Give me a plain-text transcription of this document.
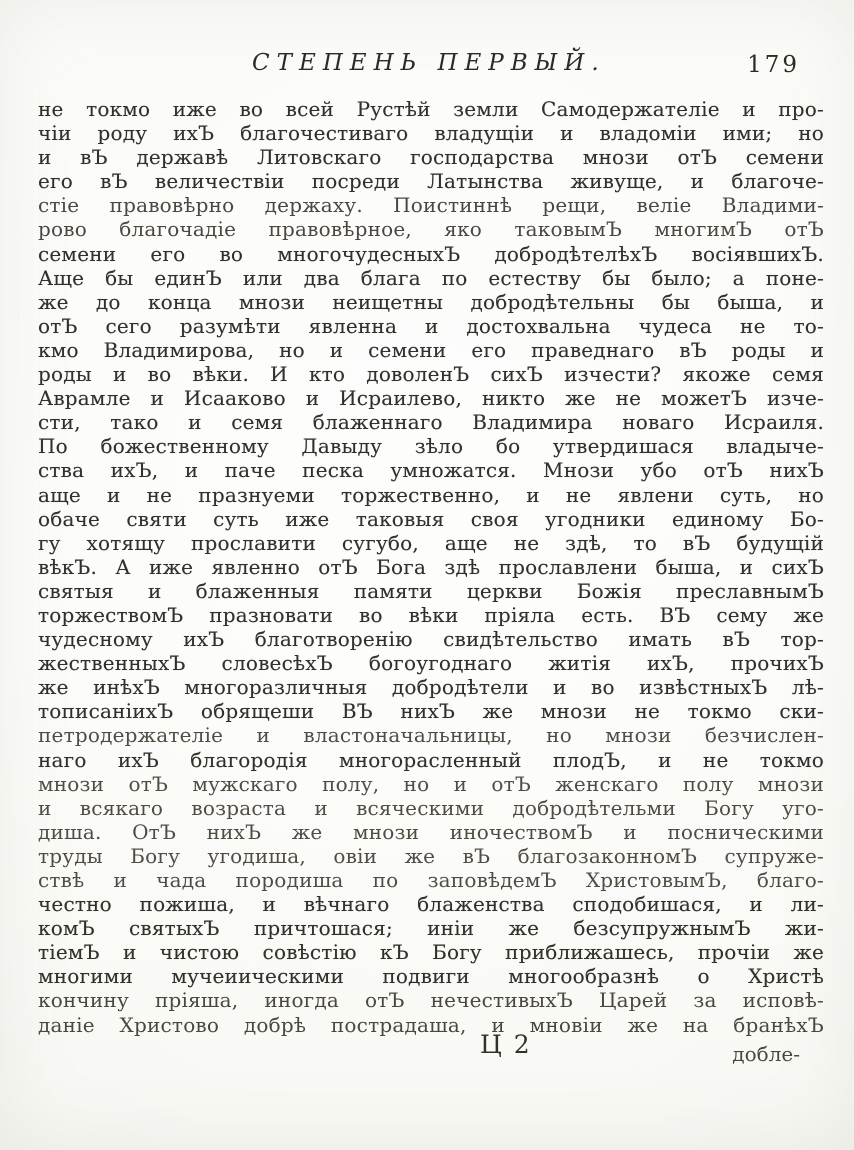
СТЕПЕНЬ ПЕРВЫЙ.	179
не токмо иже во всей Рустѣй земли Самодержателіе и про-
чіи роду ихЪ благочестиваго владущіи и владоміи ими; но
и вЪ державѣ Литовскаго господарства мнози отЪ семени
его вЪ величествіи посреди Латынства живуще, и благоче-
стіе правовѣрно держаху. Поистиннѣ рещи, веліе Владими-
рово благочадіе правовѣрное, яко таковымЪ многимЪ отЪ
семени его во многочудесныхЪ добродѣтелѣхЪ восіявшихЪ.
Аще бы единЪ или два блага по естеству бы было; а поне-
же до конца мнози неищетны добродѣтельны бы быша, и
отЪ сего разумѣти явленна и достохвальна чудеса не то-
кмо Владимирова, но и семени его праведнаго вЪ роды и
роды и во вѣки. И кто доволенЪ сихЪ изчести? якоже семя
Аврамле и Исааково и Исраилево, никто же не можетЪ изче-
сти, тако и семя блаженнаго Владимира новаго Исраиля.
По божественному Давыду зѣло бо утвердишася владыче-
ства ихЪ, и паче песка умножатся. Мнози убо отЪ нихЪ
аще и не празнуеми торжественно, и не явлени суть, но
обаче святи суть иже таковыя своя угодники единому Бо-
гу хотящу прославити сугубо, аще не здѣ, то вЪ будущій
вѣкЪ. А иже явленно отЪ Бога здѣ прославлени быша, и сихЪ
святыя и блаженныя памяти церкви Божія преславнымЪ
торжествомЪ празновати во вѣки пріяла есть. ВЪ сему же
чудесному ихЪ благотворенію свидѣтельство имать вЪ тор-
жественныхЪ словесѣхЪ богоугоднаго житія ихЪ, прочихЪ
же инѣхЪ многоразличныя добродѣтели и во извѣстныхЪ лѣ-
тописаніихЪ обрящеши ВЪ нихЪ же мнози не токмо ски-
петродержателіе и властоначальницы, но мнози безчислен-
наго ихЪ благородія многорасленный плодЪ, и не токмо
мнози отЪ мужскаго полу, но и отЪ женскаго полу мнози
и всякаго возраста и всяческими добродѣтельми Богу уго-
диша. ОтЪ нихЪ же мнози иночествомЪ и посническими
труды Богу угодиша, овіи же вЪ благозаконномЪ супруже-
ствѣ и чада породиша по заповѣдемЪ ХристовымЪ, благо-
честно пожиша, и вѣчнаго блаженства сподобишася, и ли-
комЪ святыхЪ причтошася; иніи же безсупружнымЪ жи-
тіемЪ и чистою совѣстію кЪ Богу приближашесь, прочіи же
многими мучеиическими подвиги многообразнѣ о Христѣ
кончину пріяша, иногда отЪ нечестивыхЪ Царей за исповѣ-
даніе Христово добрѣ пострадаша, и мновіи же на бранѣхЪ
Ц 2	добле-
